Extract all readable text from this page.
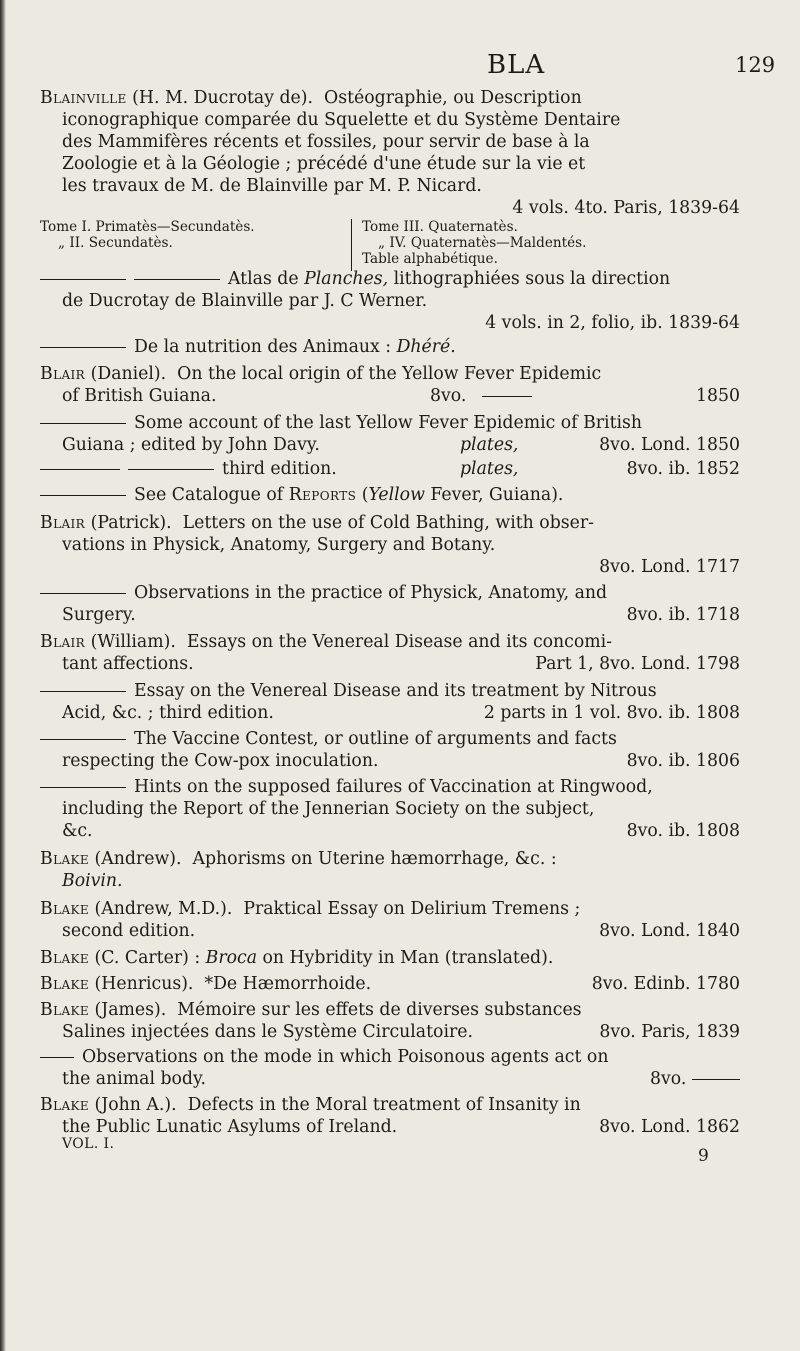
BLA	129
Blainville (H. M. Ducrotay de). Ostéographie, ou Description
iconographique comparée du Squelette et du Système Dentaire
des Mammifères récents et fossiles, pour servir de base à la
Zoologie et à la Géologie ; précédé d'une étude sur la vie et
les travaux de M. de Blainville par M. P. Nicard.
4 vols. 4to. Paris, 1839-64
Tome I. Primatès—Secundatès.
„ II. Secundatès.
Tome III. Quaternatès.
„ IV. Quaternatès—Maldentés.
Table alphabétique.
Atlas de Planches, lithographiées sous la direction
de Ducrotay de Blainville par J. C Werner.
4 vols. in 2, folio, ib. 1839-64
De la nutrition des Animaux : Dhéré.
Blair (Daniel). On the local origin of the Yellow Fever Epidemic
of British Guiana.	8vo.	1850
Some account of the last Yellow Fever Epidemic of British
Guiana ; edited by John Davy.	plates,	8vo. Lond. 1850
third edition.	plates,	8vo. ib. 1852
See Catalogue of Reports (Yellow Fever, Guiana).
Blair (Patrick). Letters on the use of Cold Bathing, with obser-
vations in Physick, Anatomy, Surgery and Botany.
8vo. Lond. 1717
Observations in the practice of Physick, Anatomy, and
Surgery.	8vo. ib. 1718
Blair (William). Essays on the Venereal Disease and its concomi-
tant affections.	Part 1, 8vo. Lond. 1798
Essay on the Venereal Disease and its treatment by Nitrous
Acid, &c. ; third edition.	2 parts in 1 vol. 8vo. ib. 1808
The Vaccine Contest, or outline of arguments and facts
respecting the Cow-pox inoculation.	8vo. ib. 1806
Hints on the supposed failures of Vaccination at Ringwood,
including the Report of the Jennerian Society on the subject,
&c.	8vo. ib. 1808
Blake (Andrew). Aphorisms on Uterine hæmorrhage, &c. :
Boivin.
Blake (Andrew, M.D.). Praktical Essay on Delirium Tremens ;
second edition.	8vo. Lond. 1840
Blake (C. Carter) : Broca on Hybridity in Man (translated).
Blake (Henricus). *De Hæmorrhoide.	8vo. Edinb. 1780
Blake (James). Mémoire sur les effets de diverses substances
Salines injectées dans le Système Circulatoire.	8vo. Paris, 1839
Observations on the mode in which Poisonous agents act on
the animal body.	8vo.
Blake (John A.). Defects in the Moral treatment of Insanity in
the Public Lunatic Asylums of Ireland.	8vo. Lond. 1862
VOL. I.
9
